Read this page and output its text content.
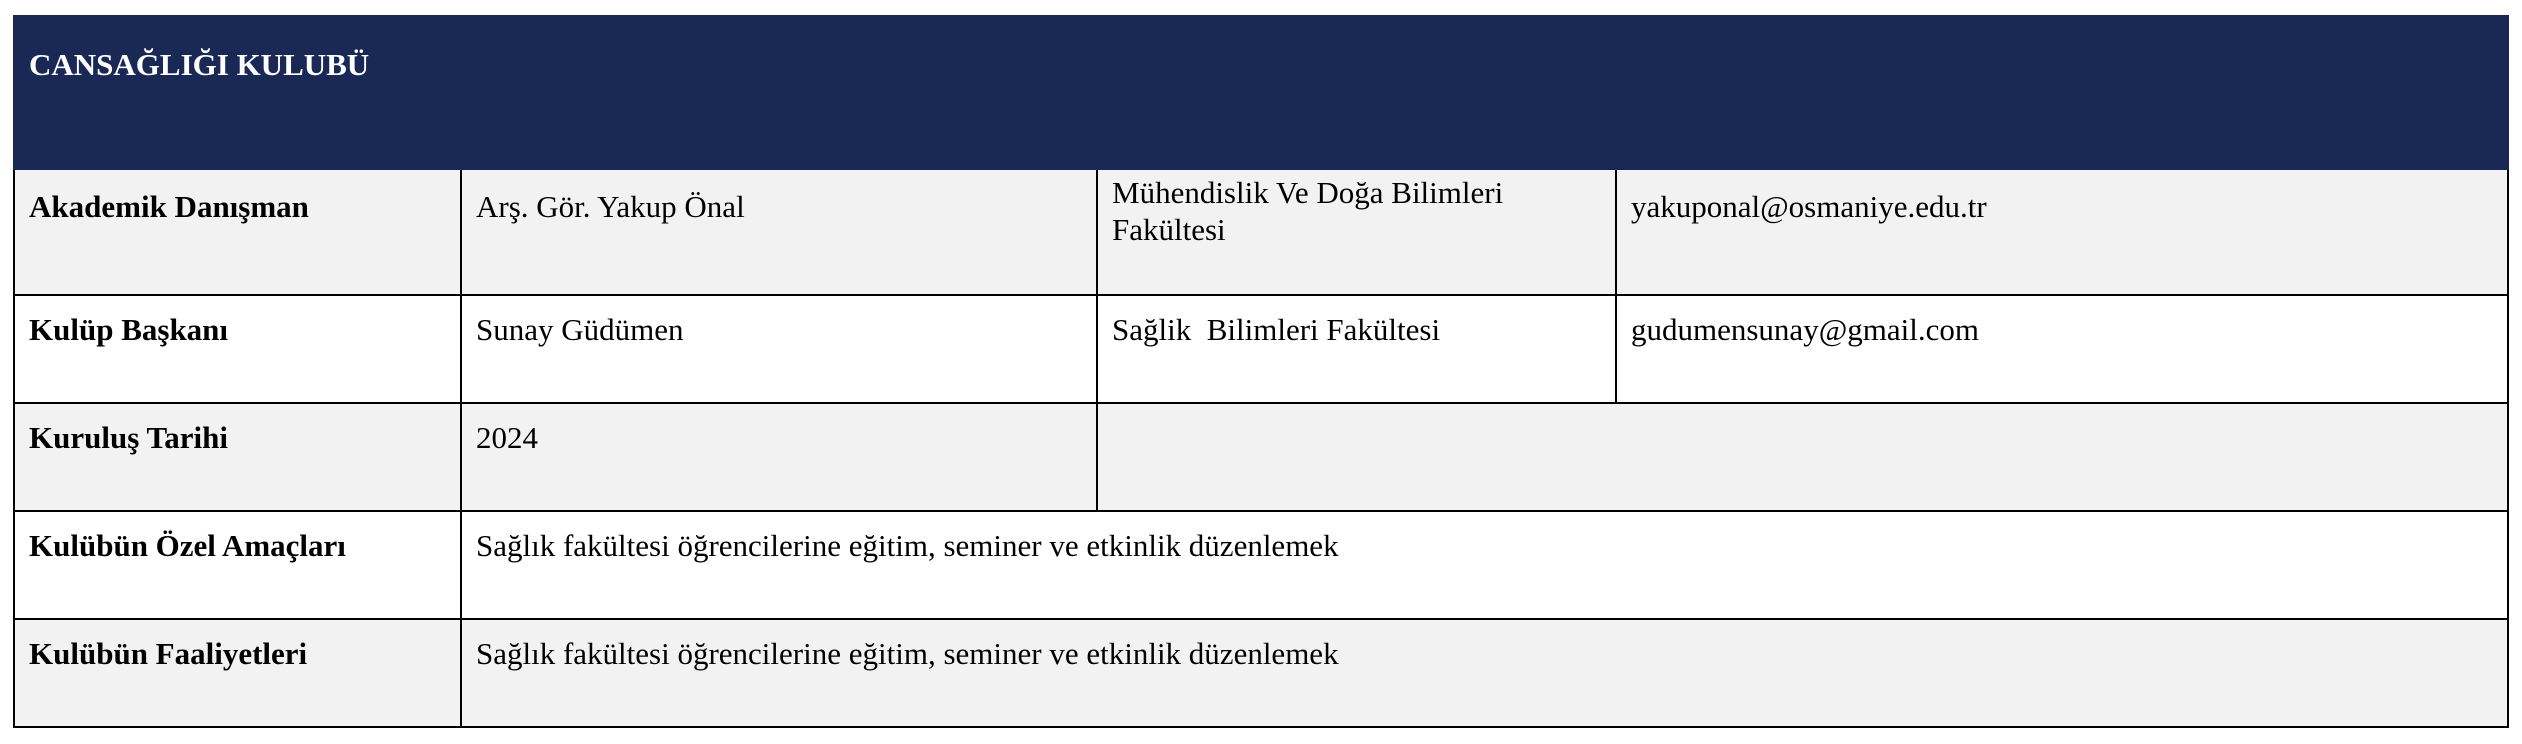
CANSAĞLIĞI KULUBÜ			
Akademik Danışman	Arş. Gör. Yakup Önal	Mühendislik Ve Doğa Bilimleri Fakültesi	yakuponal@osmaniye.edu.tr
Kulüp Başkanı	Sunay Güdümen	Sağlik  Bilimleri Fakültesi	gudumensunay@gmail.com
Kuruluş Tarihi	2024		
Kulübün Özel Amaçları	Sağlık fakültesi öğrencilerine eğitim, seminer ve etkinlik düzenlemek		
Kulübün Faaliyetleri	Sağlık fakültesi öğrencilerine eğitim, seminer ve etkinlik düzenlemek		
